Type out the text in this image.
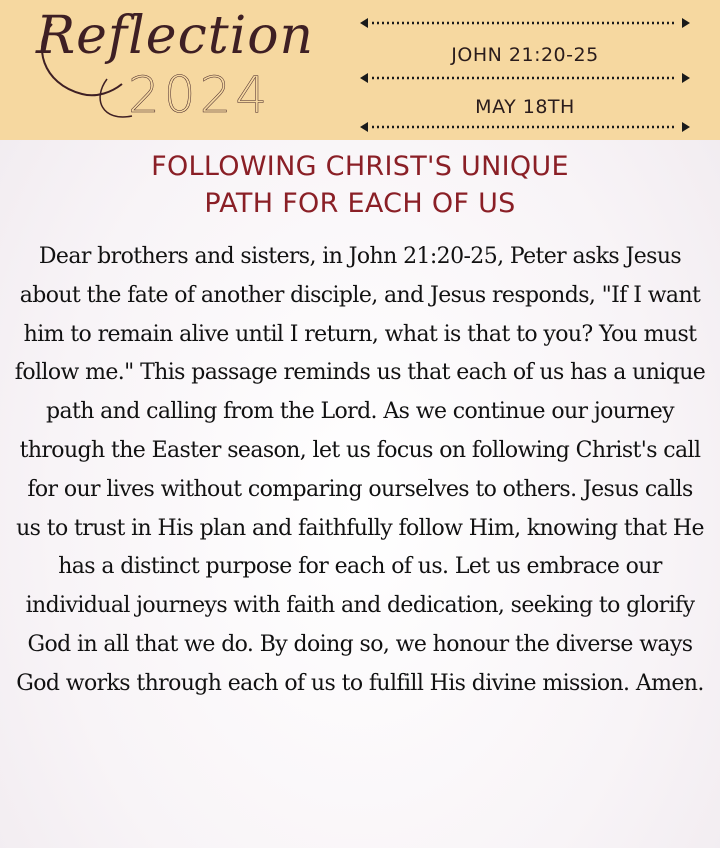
Reflection
2024
JOHN 21:20-25
MAY 18TH
FOLLOWING CHRIST'S UNIQUE
PATH FOR EACH OF US

Dear brothers and sisters, in John 21:20-25, Peter asks Jesus about the fate of another disciple, and Jesus responds, "If I want him to remain alive until I return, what is that to you? You must follow me." This passage reminds us that each of us has a unique path and calling from the Lord. As we continue our journey through the Easter season, let us focus on following Christ's call for our lives without comparing ourselves to others. Jesus calls us to trust in His plan and faithfully follow Him, knowing that He has a distinct purpose for each of us. Let us embrace our individual journeys with faith and dedication, seeking to glorify God in all that we do. By doing so, we honour the diverse ways God works through each of us to fulfill His divine mission. Amen.
